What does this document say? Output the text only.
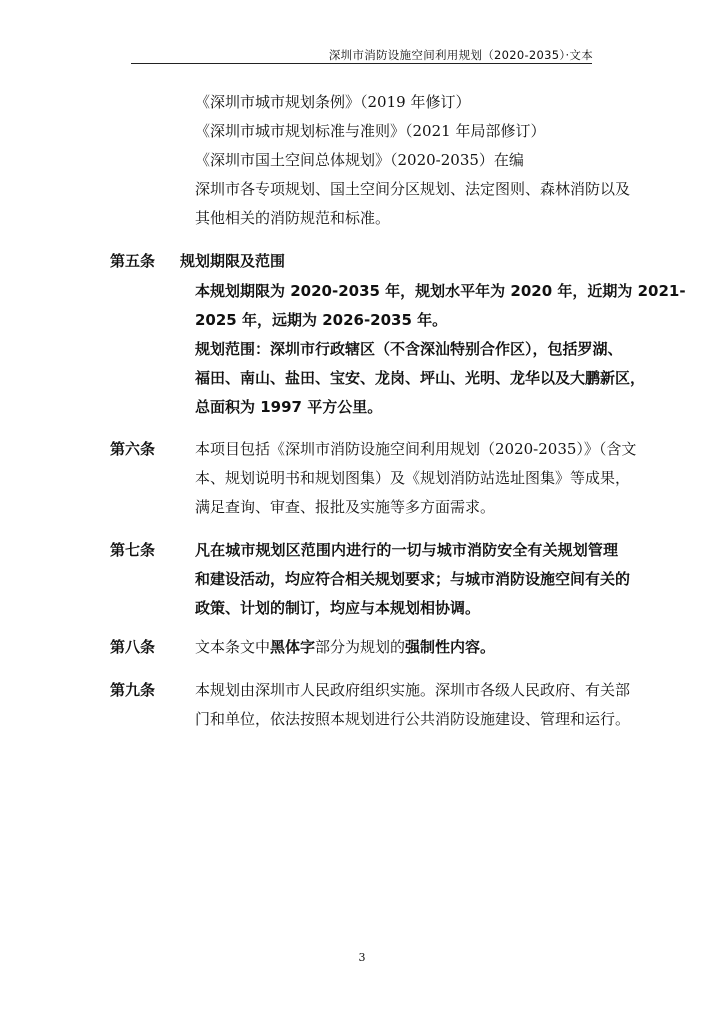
深圳市消防设施空间利用规划（2020-2035）·文本
《深圳市城市规划条例》（2019 年修订）
《深圳市城市规划标准与准则》（2021 年局部修订）
《深圳市国土空间总体规划》（2020-2035）在编
深圳市各专项规划、国土空间分区规划、法定图则、森林消防以及
其他相关的消防规范和标准。
第五条 规划期限及范围
本规划期限为 2020-2035 年，规划水平年为 2020 年，近期为 2021-
2025 年，远期为 2026-2035 年。
规划范围：深圳市行政辖区（不含深汕特别合作区），包括罗湖、
福田、南山、盐田、宝安、龙岗、坪山、光明、龙华以及大鹏新区，
总面积为 1997 平方公里。
第六条	本项目包括《深圳市消防设施空间利用规划（2020-2035）》（含文
本、规划说明书和规划图集）及《规划消防站选址图集》等成果，
满足查询、审查、报批及实施等多方面需求。
第七条	凡在城市规划区范围内进行的一切与城市消防安全有关规划管理
和建设活动，均应符合相关规划要求；与城市消防设施空间有关的
政策、计划的制订，均应与本规划相协调。
第八条	文本条文中黑体字部分为规划的强制性内容。
第九条	本规划由深圳市人民政府组织实施。深圳市各级人民政府、有关部
门和单位，依法按照本规划进行公共消防设施建设、管理和运行。
3
